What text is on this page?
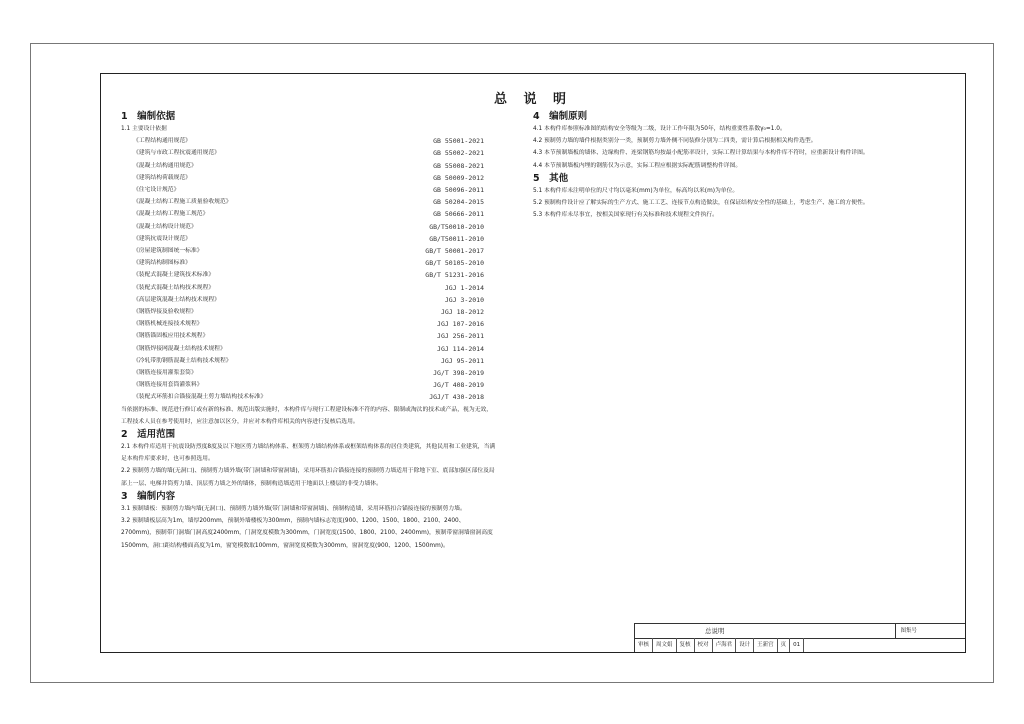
总 说 明

1　编制依据

1.1 主要设计依据

《工程结构通用规范》	GB 55001-2021
《建筑与市政工程抗震通用规范》	GB 55002-2021
《混凝土结构通用规范》	GB 55008-2021
《建筑结构荷载规范》	GB 50009-2012
《住宅设计规范》	GB 50096-2011
《混凝土结构工程施工质量验收规范》	GB 50204-2015
《混凝土结构工程施工规范》	GB 50666-2011
《混凝土结构设计规范》	GB/T50010-2010
《建筑抗震设计规范》	GB/T50011-2010
《房屋建筑制图统一标准》	GB/T 50001-2017
《建筑结构制图标准》	GB/T 50105-2010
《装配式混凝土建筑技术标准》	GB/T 51231-2016
《装配式混凝土结构技术规程》	JGJ 1-2014
《高层建筑混凝土结构技术规程》	JGJ 3-2010
《钢筋焊接及验收规程》	JGJ 18-2012
《钢筋机械连接技术规程》	JGJ 107-2016
《钢筋锚固板应用技术规程》	JGJ 256-2011
《钢筋焊接网混凝土结构技术规程》	JGJ 114-2014
《冷轧带肋钢筋混凝土结构技术规程》	JGJ 95-2011
《钢筋连接用灌浆套筒》	JG/T 398-2019
《钢筋连接用套筒灌浆料》	JG/T 408-2019
《装配式环筋扣合锚接混凝土剪力墙结构技术标准》	JGJ/T 430-2018

当依据的标准、规范进行修订或有新的标准、规范出版实施时，本构件库与现行工程建设标准不符的内容、限制或淘汰的技术或产品，视为无效，工程技术人员在参考使用时，应注意加以区分，并应对本构件库相关的内容进行复核后选用。

2　适用范围

2.1 本构件库适用于抗震设防烈度8度及以下地区剪力墙结构体系、框架剪力墙结构体系或框架结构体系的居住类建筑，其他民用和工业建筑，当满足本构件库要求时，也可参照选用。

2.2 预制剪力墙的墙(无洞口)、预制剪力墙外墙(带门洞墙和带窗洞墙)，采用环筋扣合锚接连接的预制剪力墙适用于除地下室、底部加强区部位及局部上一层、电梯井筒剪力墙、顶层剪力墙之外的墙体，预制构造墙适用于地面以上楼层的非受力墙体。

3　编制内容

3.1 预制墙板：预制剪力墙内墙(无洞口)、预制剪力墙外墙(带门洞墙和带窗洞墙)、预制构造墙，采用环筋扣合锚接连接的预制剪力墙。

3.2 预制墙板层高为1m，墙厚200mm，预制外墙楼板为300mm，预制内墙标志宽度(900、1200、1500、1800、2100、2400、2700mm)，预制带门洞墙门洞高度2400mm，门洞宽度模数为300mm，门洞宽度(1500、1800、2100、2400mm)，预制带窗洞墙窗洞高度1500mm，洞口距结构楼面高度为1m，窗宽模数取100mm，窗洞宽度模数为300mm，窗洞宽度(900、1200、1500mm)。

4　编制原则

4.1 本构件库参照标准图的结构安全等级为二级，设计工作年限为50年，结构重要性系数γ₀=1.0。

4.2 预制剪力墙的墙件根据类别分一类，预制剪力墙外侧不同装修分别为二四类，需计算后根据相关构件选型。

4.3 本节预制墙板的墙体、边缘构件、连梁钢筋均按最小配筋率设计，实际工程计算结果与本构件库不符时，应重新设计构件详图。

4.4 本节预制墙板内埋的钢筋仅为示意，实际工程应根据实际配筋调整构件详图。

5　其他

5.1 本构件库未注明单位的尺寸均以毫米(mm)为单位，标高均以米(m)为单位。

5.2 预制构件设计应了解实际的生产方式、施工工艺、连接节点构造做法，在保证结构安全性的基础上，考虑生产、施工的方便性。

5.3 本构件库未尽事宜，按相关国家现行有关标准和技术规程文件执行。

总说明	图集号
审核	周文娟	复核	校对	卢海君	设计	王新官	页	01
